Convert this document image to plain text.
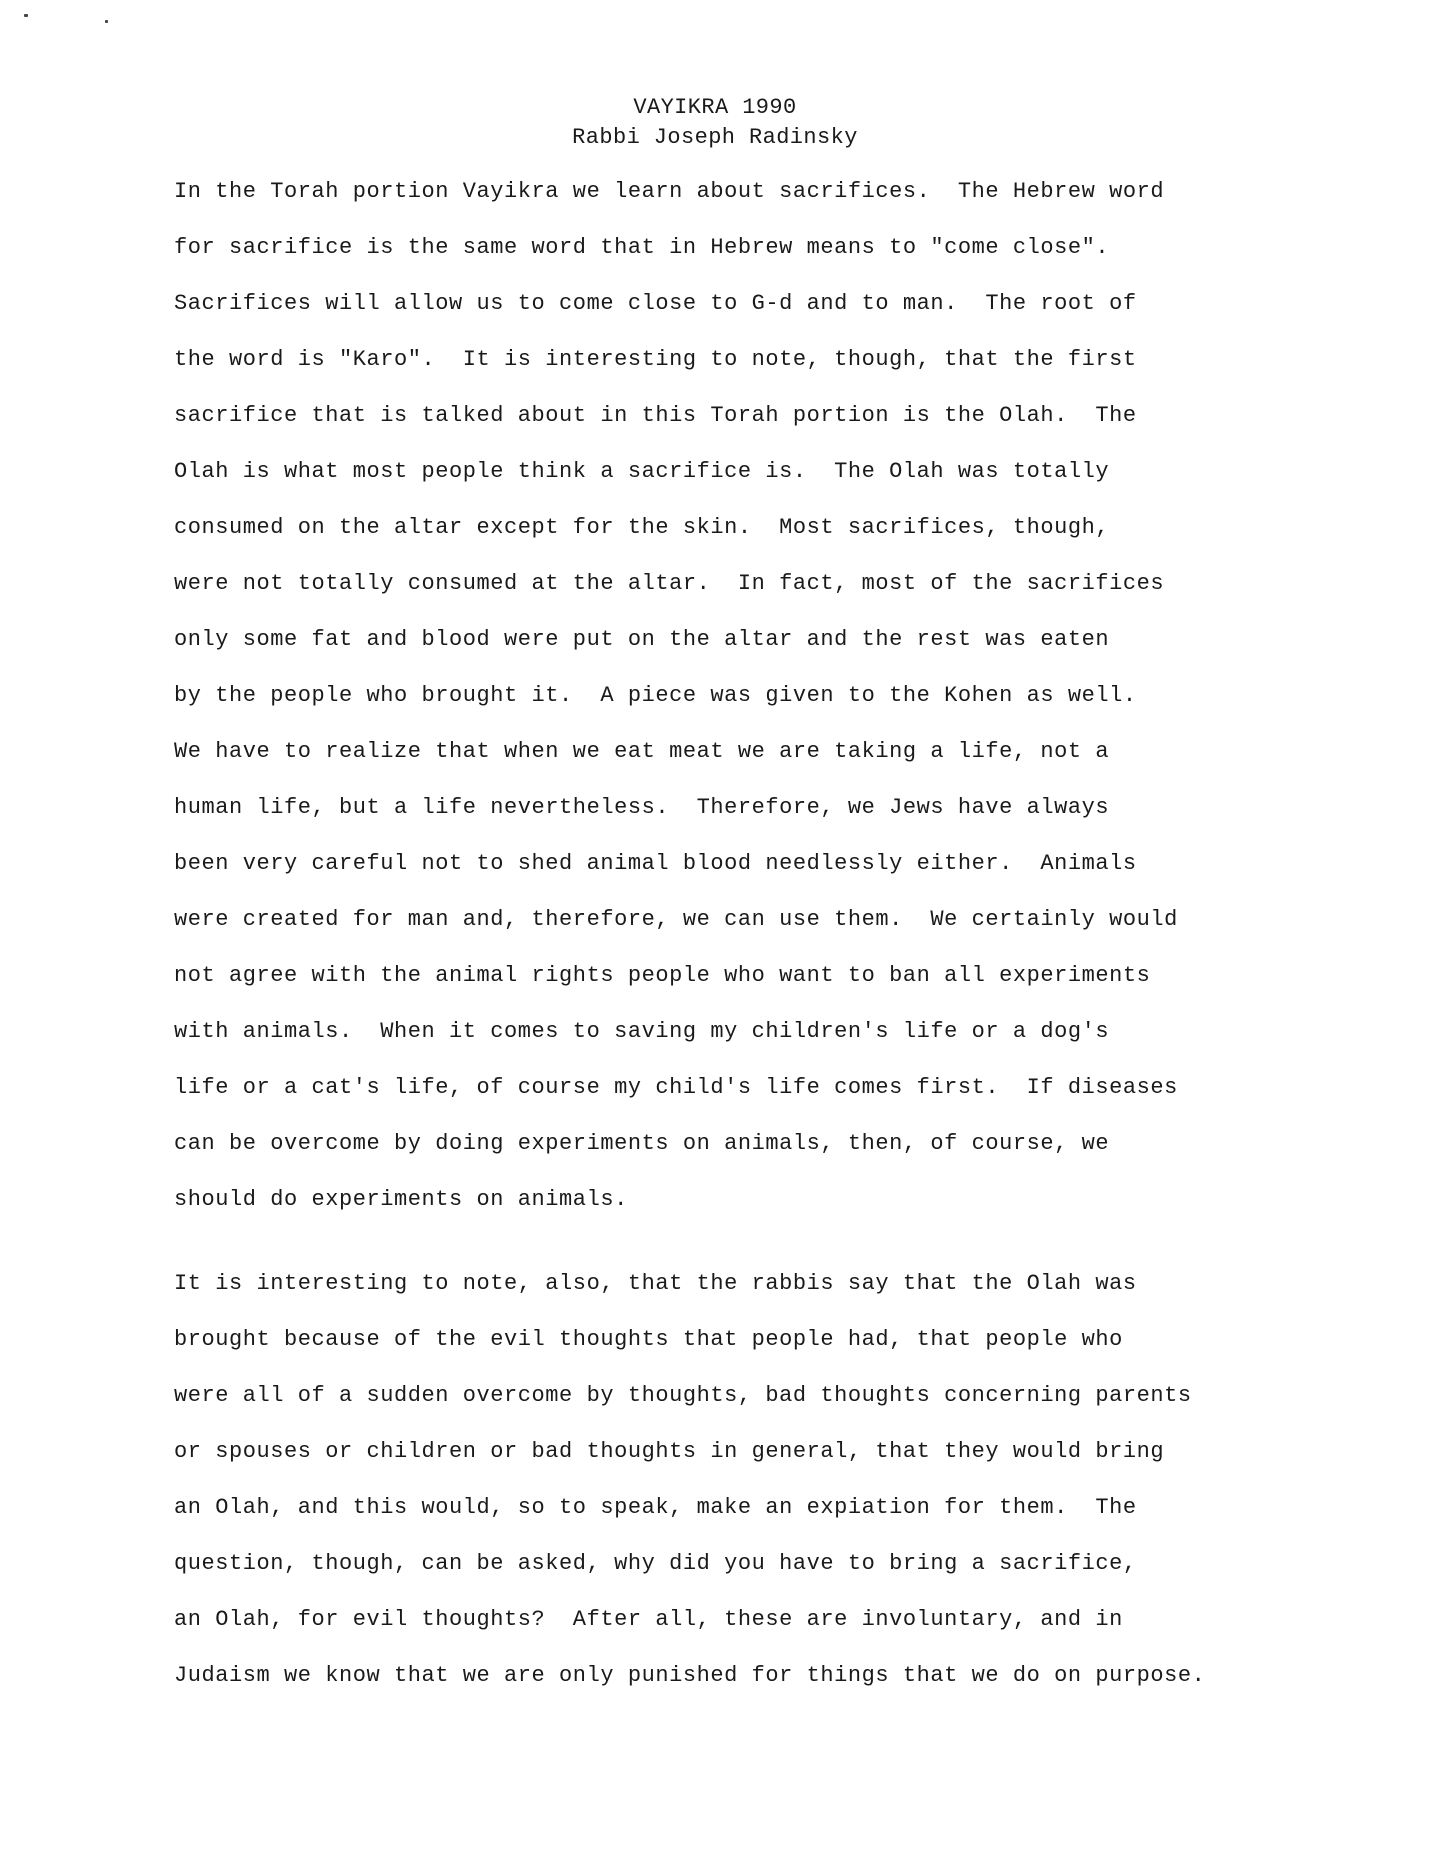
VAYIKRA 1990
Rabbi Joseph Radinsky
In the Torah portion Vayikra we learn about sacrifices.  The Hebrew word
for sacrifice is the same word that in Hebrew means to "come close".
Sacrifices will allow us to come close to G-d and to man.  The root of
the word is "Karo".  It is interesting to note, though, that the first
sacrifice that is talked about in this Torah portion is the Olah.  The
Olah is what most people think a sacrifice is.  The Olah was totally
consumed on the altar except for the skin.  Most sacrifices, though,
were not totally consumed at the altar.  In fact, most of the sacrifices
only some fat and blood were put on the altar and the rest was eaten
by the people who brought it.  A piece was given to the Kohen as well.
We have to realize that when we eat meat we are taking a life, not a
human life, but a life nevertheless.  Therefore, we Jews have always
been very careful not to shed animal blood needlessly either.  Animals
were created for man and, therefore, we can use them.  We certainly would
not agree with the animal rights people who want to ban all experiments
with animals.  When it comes to saving my children's life or a dog's
life or a cat's life, of course my child's life comes first.  If diseases
can be overcome by doing experiments on animals, then, of course, we
should do experiments on animals.
It is interesting to note, also, that the rabbis say that the Olah was
brought because of the evil thoughts that people had, that people who
were all of a sudden overcome by thoughts, bad thoughts concerning parents
or spouses or children or bad thoughts in general, that they would bring
an Olah, and this would, so to speak, make an expiation for them.  The
question, though, can be asked, why did you have to bring a sacrifice,
an Olah, for evil thoughts?  After all, these are involuntary, and in
Judaism we know that we are only punished for things that we do on purpose.
